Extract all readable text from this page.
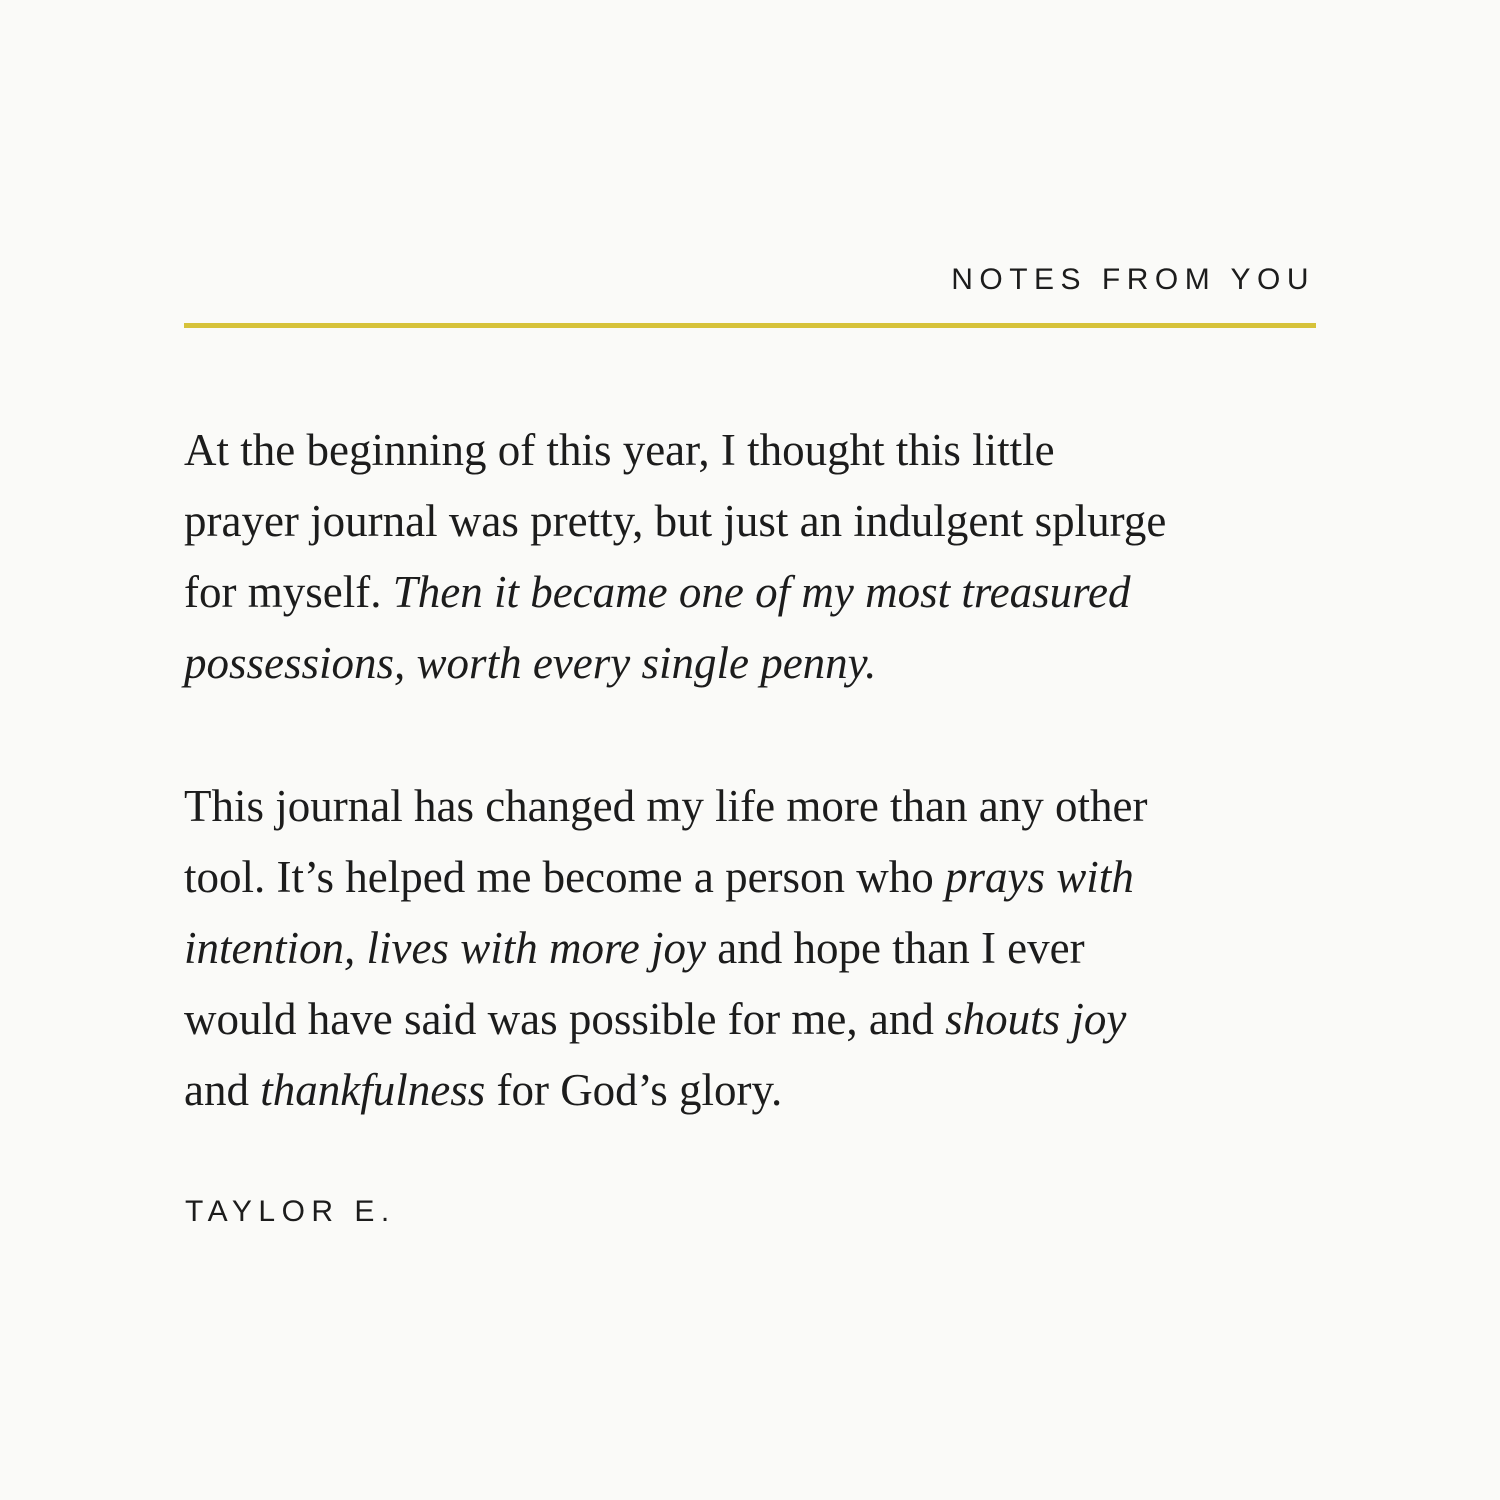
NOTES FROM YOU

At the beginning of this year, I thought this little
prayer journal was pretty, but just an indulgent splurge
for myself. Then it became one of my most treasured
possessions, worth every single penny.

This journal has changed my life more than any other
tool. It’s helped me become a person who prays with
intention, lives with more joy and hope than I ever
would have said was possible for me, and shouts joy
and thankfulness for God’s glory.

TAYLOR E.
